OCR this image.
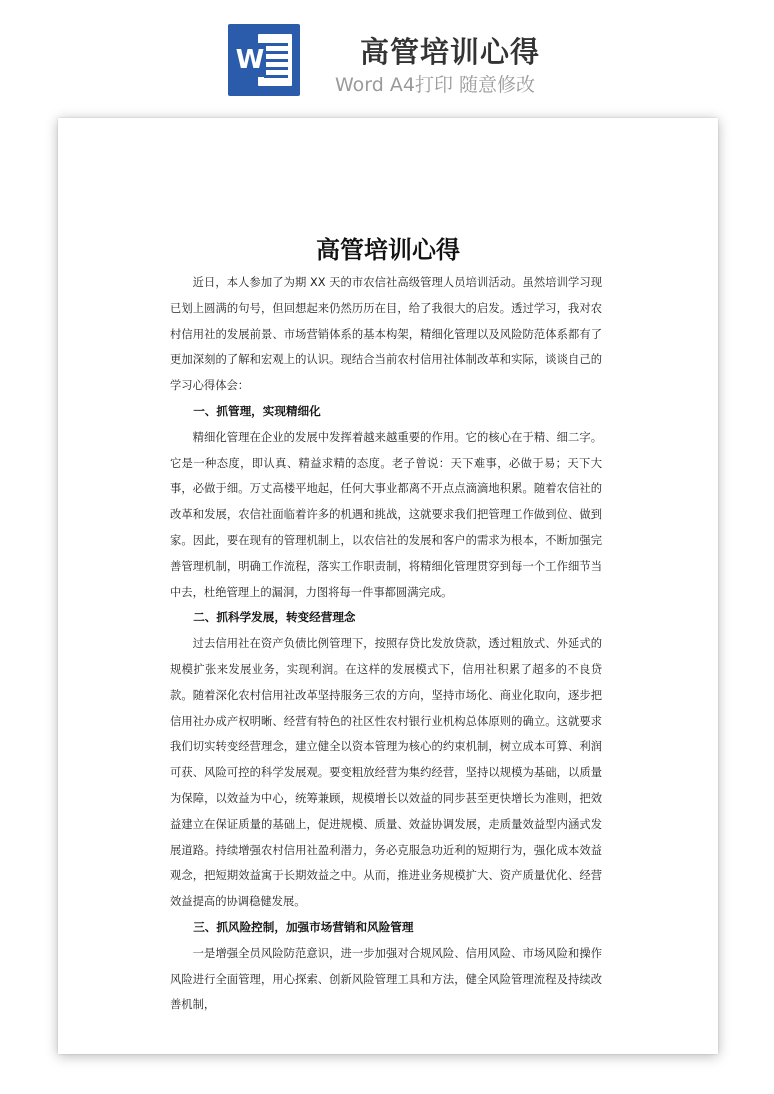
W	高管培训心得
Word A4打印 随意修改
高管培训心得

近日，本人参加了为期 XX 天的市农信社高级管理人员培训活动。虽然培训学习现已划上圆满的句号，但回想起来仍然历历在目，给了我很大的启发。透过学习，我对农村信用社的发展前景、市场营销体系的基本构架，精细化管理以及风险防范体系都有了更加深刻的了解和宏观上的认识。现结合当前农村信用社体制改革和实际，谈谈自己的学习心得体会：

一、抓管理，实现精细化

精细化管理在企业的发展中发挥着越来越重要的作用。它的核心在于精、细二字。它是一种态度，即认真、精益求精的态度。老子曾说：天下难事，必做于易；天下大事，必做于细。万丈高楼平地起，任何大事业都离不开点点滴滴地积累。随着农信社的改革和发展，农信社面临着许多的机遇和挑战，这就要求我们把管理工作做到位、做到家。因此，要在现有的管理机制上，以农信社的发展和客户的需求为根本，不断加强完善管理机制，明确工作流程，落实工作职责制，将精细化管理贯穿到每一个工作细节当中去，杜绝管理上的漏洞，力图将每一件事都圆满完成。

二、抓科学发展，转变经营理念

过去信用社在资产负债比例管理下，按照存贷比发放贷款，透过粗放式、外延式的规模扩张来发展业务，实现利润。在这样的发展模式下，信用社积累了超多的不良贷款。随着深化农村信用社改革坚持服务三农的方向，坚持市场化、商业化取向，逐步把信用社办成产权明晰、经营有特色的社区性农村银行业机构总体原则的确立。这就要求我们切实转变经营理念，建立健全以资本管理为核心的约束机制，树立成本可算、利润可获、风险可控的科学发展观。要变粗放经营为集约经营，坚持以规模为基础，以质量为保障，以效益为中心，统筹兼顾，规模增长以效益的同步甚至更快增长为准则，把效益建立在保证质量的基础上，促进规模、质量、效益协调发展，走质量效益型内涵式发展道路。持续增强农村信用社盈利潜力，务必克服急功近利的短期行为，强化成本效益观念，把短期效益寓于长期效益之中。从而，推进业务规模扩大、资产质量优化、经营效益提高的协调稳健发展。

三、抓风险控制，加强市场营销和风险管理

一是增强全员风险防范意识，进一步加强对合规风险、信用风险、市场风险和操作风险进行全面管理，用心探索、创新风险管理工具和方法，健全风险管理流程及持续改善机制，
